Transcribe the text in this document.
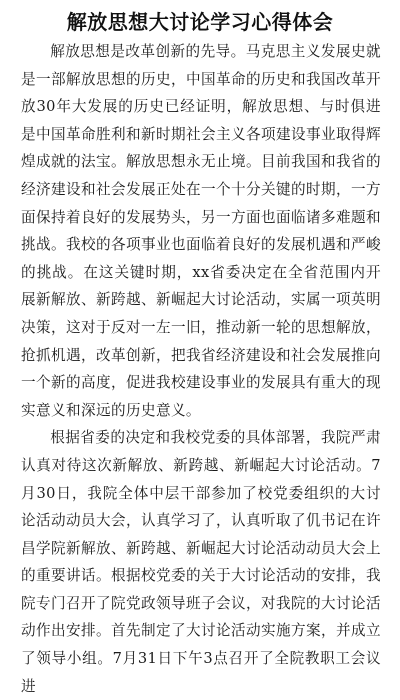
解放思想大讨论学习心得体会

解放思想是改革创新的先导。马克思主义发展史就是一部解放思想的历史，中国革命的历史和我国改革开放30年大发展的历史已经证明，解放思想、与时俱进是中国革命胜利和新时期社会主义各项建设事业取得辉煌成就的法宝。解放思想永无止境。目前我国和我省的经济建设和社会发展正处在一个十分关键的时期，一方面保持着良好的发展势头，另一方面也面临诸多难题和挑战。我校的各项事业也面临着良好的发展机遇和严峻的挑战。在这关键时期，xx省委决定在全省范围内开展新解放、新跨越、新崛起大讨论活动，实属一项英明决策，这对于反对一左一旧，推动新一轮的思想解放，抢抓机遇，改革创新，把我省经济建设和社会发展推向一个新的高度，促进我校建设事业的发展具有重大的现实意义和深远的历史意义。

根据省委的决定和我校党委的具体部署，我院严肃认真对待这次新解放、新跨越、新崛起大讨论活动。7月30日，我院全体中层干部参加了校党委组织的大讨论活动动员大会，认真学习了，认真听取了仉书记在许昌学院新解放、新跨越、新崛起大讨论活动动员大会上的重要讲话。根据校党委的关于大讨论活动的安排，我院专门召开了院党政领导班子会议，对我院的大讨论活动作出安排。首先制定了大讨论活动实施方案，并成立了领导小组。7月31日下午3点召开了全院教职工会议进
